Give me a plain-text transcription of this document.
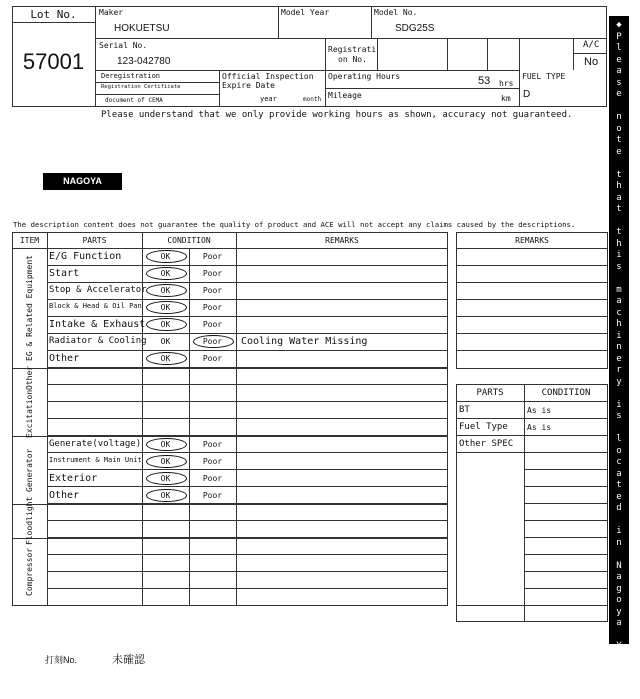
Lot No.
57001
Maker
HOKUETSU
Model Year	Model No.
SDG25S
Serial No.
123-042780
Registrati
on No.
A/C
No
Deregistration
Registration Certificate
document of CEMA
Official Inspection
Expire Date
year	month
Operating Hours	53 hrs
Mileage	km
FUEL TYPE
D
Please understand that we only provide working hours as shown, accuracy not guaranteed.
NAGOYA
The description content does not guarantee the quality of product and ACE will not accept any claims caused by the descriptions.
ITEM	PARTS	CONDITION	REMARKS
EG & Related Equipment
Excitation
Other
Generator
Floodl
ight
Compressor
E/G Function	OK	Poor
Start	OK	Poor
Stop & Accelerator	OK	Poor
Block & Head & Oil Pan	OK	Poor
Intake & Exhaust	OK	Poor
Radiator & Cooling	OK	Poor	Cooling Water Missing
Other	OK	Poor
Generate(voltage)	OK	Poor
Instrument & Main Unit	OK	Poor
Exterior	OK	Poor
Other	OK	Poor
REMARKS
PARTS	CONDITION
BT	As is
Fuel Type As is
Other SPEC
◆
P
l
e
a
s
e

n
o
t
e

t
h
a
t

t
h
i
s

m
a
c
h
i
n
e
r
y

i
s

l
o
c
a
t
e
d

i
n

N
a
g
o
y
a

Y
a
r
d
◆
打刻No.	未確認
